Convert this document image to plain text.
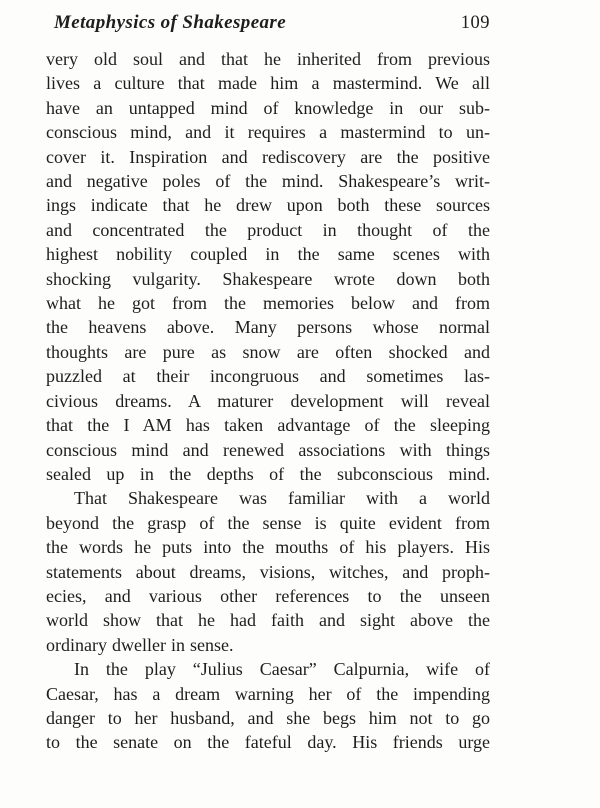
Metaphysics of Shakespeare	109
very old soul and that he inherited from previous
lives a culture that made him a mastermind. We all
have an untapped mind of knowledge in our sub-
conscious mind, and it requires a mastermind to un-
cover it. Inspiration and rediscovery are the positive
and negative poles of the mind. Shakespeare’s writ-
ings indicate that he drew upon both these sources
and concentrated the product in thought of the
highest nobility coupled in the same scenes with
shocking vulgarity. Shakespeare wrote down both
what he got from the memories below and from
the heavens above. Many persons whose normal
thoughts are pure as snow are often shocked and
puzzled at their incongruous and sometimes las-
civious dreams. A maturer development will reveal
that the I AM has taken advantage of the sleeping
conscious mind and renewed associations with things
sealed up in the depths of the subconscious mind.
That Shakespeare was familiar with a world
beyond the grasp of the sense is quite evident from
the words he puts into the mouths of his players. His
statements about dreams, visions, witches, and proph-
ecies, and various other references to the unseen
world show that he had faith and sight above the
ordinary dweller in sense.
In the play “Julius Caesar” Calpurnia, wife of
Caesar, has a dream warning her of the impending
danger to her husband, and she begs him not to go
to the senate on the fateful day. His friends urge
